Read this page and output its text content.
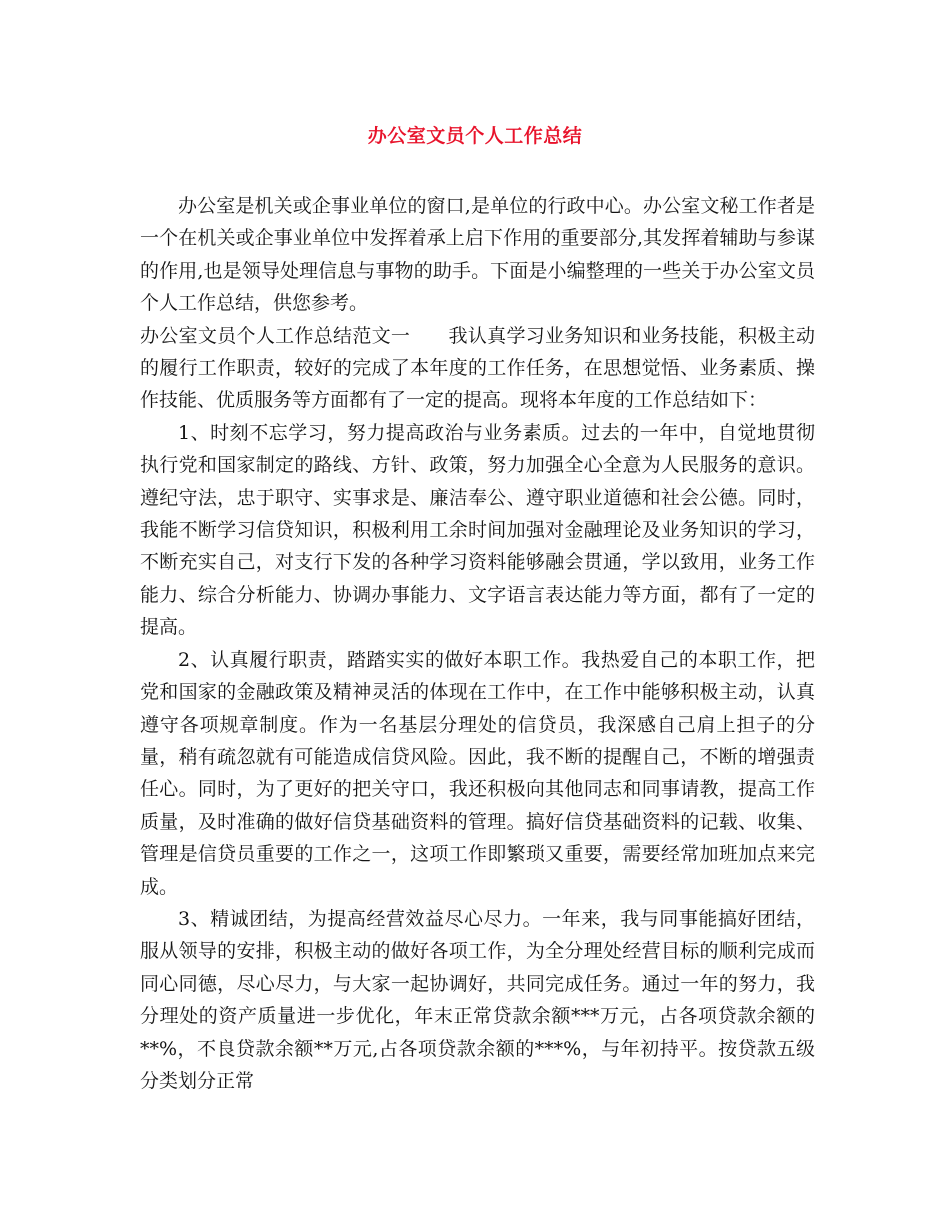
办公室文员个人工作总结

办公室是机关或企事业单位的窗口,是单位的行政中心。办公室文秘工作者是一个在机关或企事业单位中发挥着承上启下作用的重要部分,其发挥着辅助与参谋的作用,也是领导处理信息与事物的助手。下面是小编整理的一些关于办公室文员个人工作总结，供您参考。

办公室文员个人工作总结范文一 我认真学习业务知识和业务技能，积极主动的履行工作职责，较好的完成了本年度的工作任务，在思想觉悟、业务素质、操作技能、优质服务等方面都有了一定的提高。现将本年度的工作总结如下：

1、时刻不忘学习，努力提高政治与业务素质。过去的一年中，自觉地贯彻执行党和国家制定的路线、方针、政策，努力加强全心全意为人民服务的意识。遵纪守法，忠于职守、实事求是、廉洁奉公、遵守职业道德和社会公德。同时，我能不断学习信贷知识，积极利用工余时间加强对金融理论及业务知识的学习，不断充实自己，对支行下发的各种学习资料能够融会贯通，学以致用，业务工作能力、综合分析能力、协调办事能力、文字语言表达能力等方面，都有了一定的提高。

2、认真履行职责，踏踏实实的做好本职工作。我热爱自己的本职工作，把党和国家的金融政策及精神灵活的体现在工作中，在工作中能够积极主动，认真遵守各项规章制度。作为一名基层分理处的信贷员，我深感自己肩上担子的分量，稍有疏忽就有可能造成信贷风险。因此，我不断的提醒自己，不断的增强责任心。同时，为了更好的把关守口，我还积极向其他同志和同事请教，提高工作质量，及时准确的做好信贷基础资料的管理。搞好信贷基础资料的记载、收集、管理是信贷员重要的工作之一，这项工作即繁琐又重要，需要经常加班加点来完成。

3、精诚团结，为提高经营效益尽心尽力。一年来，我与同事能搞好团结，服从领导的安排，积极主动的做好各项工作，为全分理处经营目标的顺利完成而同心同德，尽心尽力，与大家一起协调好，共同完成任务。通过一年的努力，我分理处的资产质量进一步优化，年末正常贷款余额***万元，占各项贷款余额的**%，不良贷款余额**万元,占各项贷款余额的***%，与年初持平。按贷款五级分类划分正常
